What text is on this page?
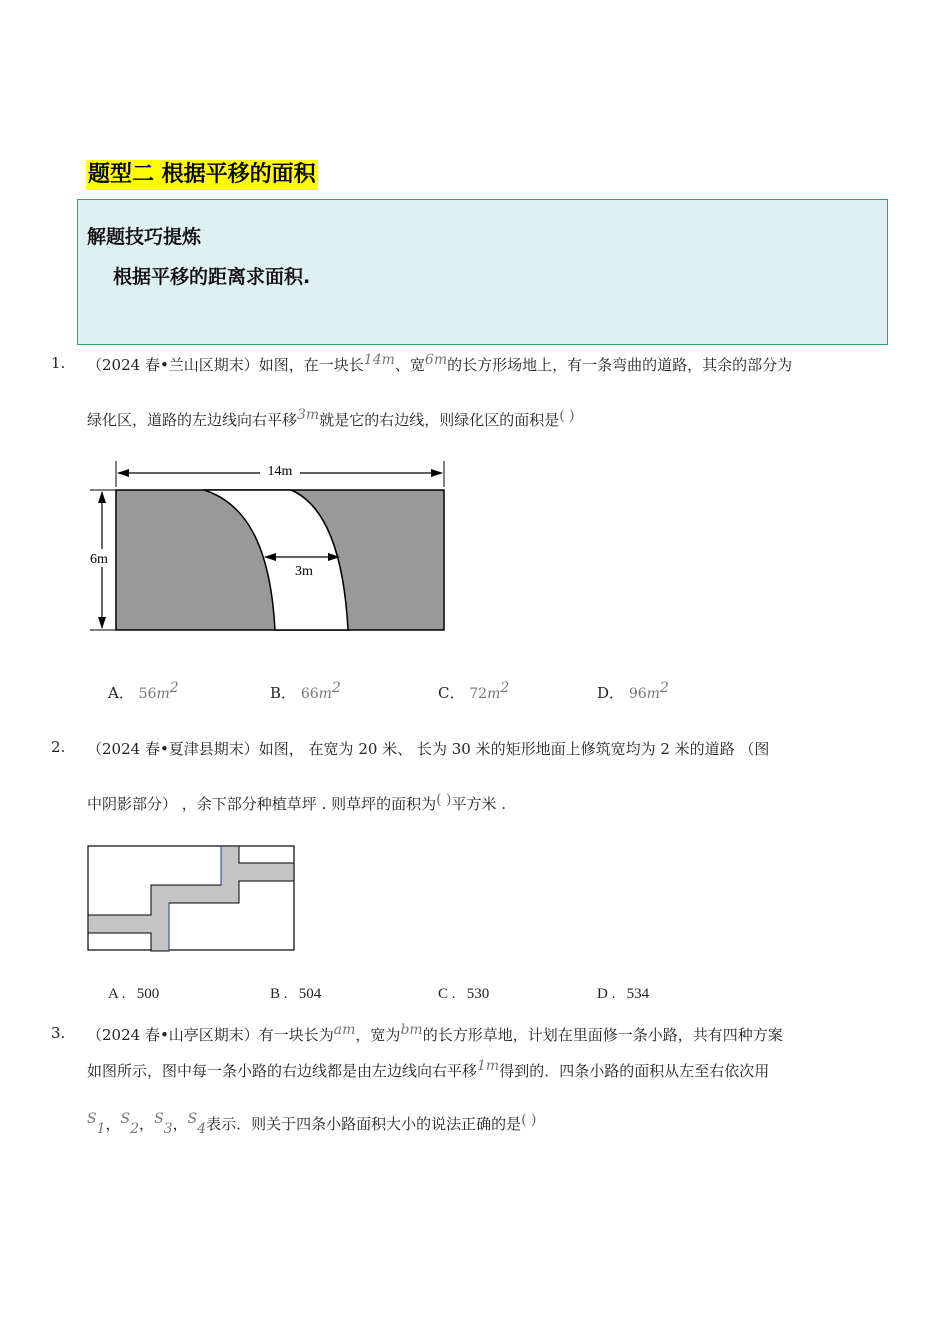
题型二 根据平移的面积
解题技巧提炼
根据平移的距离求面积.
1. （2024 春•兰山区期末）如图，在一块长14m、宽6m的长方形场地上，有一条弯曲的道路，其余的部分为
绿化区，道路的左边线向右平移3m就是它的右边线，则绿化区的面积是( )
14m
6m
3m
A． $56m^2$	B． $66m^2$	C． $72m^2$	D． $96m^2$
2. （2024 春•夏津县期末）如图， 在宽为 20 米、 长为 30 米的矩形地面上修筑宽均为 2 米的道路 （图
中阴影部分） ，余下部分种植草坪 . 则草坪的面积为( )平方米 .
A . 500	B . 504	C . 530	D . 534
3. （2024 春•山亭区期末）有一块长为am，宽为bm的长方形草地，计划在里面修一条小路，共有四种方案
如图所示，图中每一条小路的右边线都是由左边线向右平移1m得到的．四条小路的面积从左至右依次用
$S_1$，$S_2$，$S_3$，$S_4$表示．则关于四条小路面积大小的说法正确的是( )
